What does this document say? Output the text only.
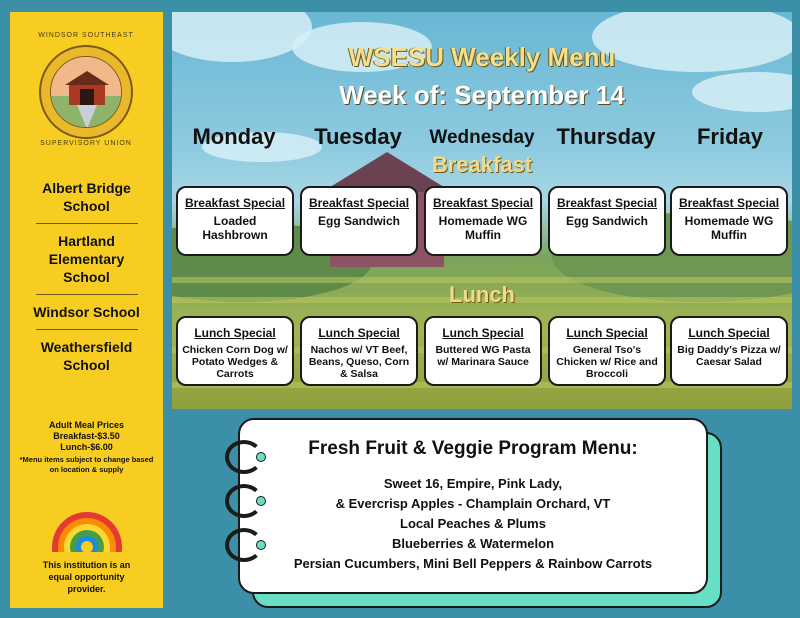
WINDSOR SOUTHEAST
SUPERVISORY UNION
Albert Bridge School
Hartland Elementary School
Windsor School
Weathersfield School
Adult Meal Prices
Breakfast-$3.50
Lunch-$6.00
*Menu items subject to change based on location & supply
This institution is an equal opportunity provider.
WSESU Weekly Menu
Week of: September 14
Monday	Tuesday	Wednesday Thursday	Friday
Breakfast
Breakfast Special
Loaded Hashbrown
Breakfast Special
Egg Sandwich
Breakfast Special
Homemade WG Muffin
Breakfast Special
Egg Sandwich
Breakfast Special
Homemade WG Muffin
Lunch
Lunch Special
Chicken Corn Dog w/ Potato Wedges & Carrots
Lunch Special
Nachos w/ VT Beef, Beans, Queso, Corn & Salsa
Lunch Special
Buttered WG Pasta w/ Marinara Sauce
Lunch Special
General Tso's Chicken w/ Rice and Broccoli
Lunch Special
Big Daddy's Pizza w/ Caesar Salad
Fresh Fruit & Veggie Program Menu:
Sweet 16, Empire, Pink Lady,
& Evercrisp Apples - Champlain Orchard, VT
Local Peaches & Plums
Blueberries & Watermelon
Persian Cucumbers, Mini Bell Peppers & Rainbow Carrots
